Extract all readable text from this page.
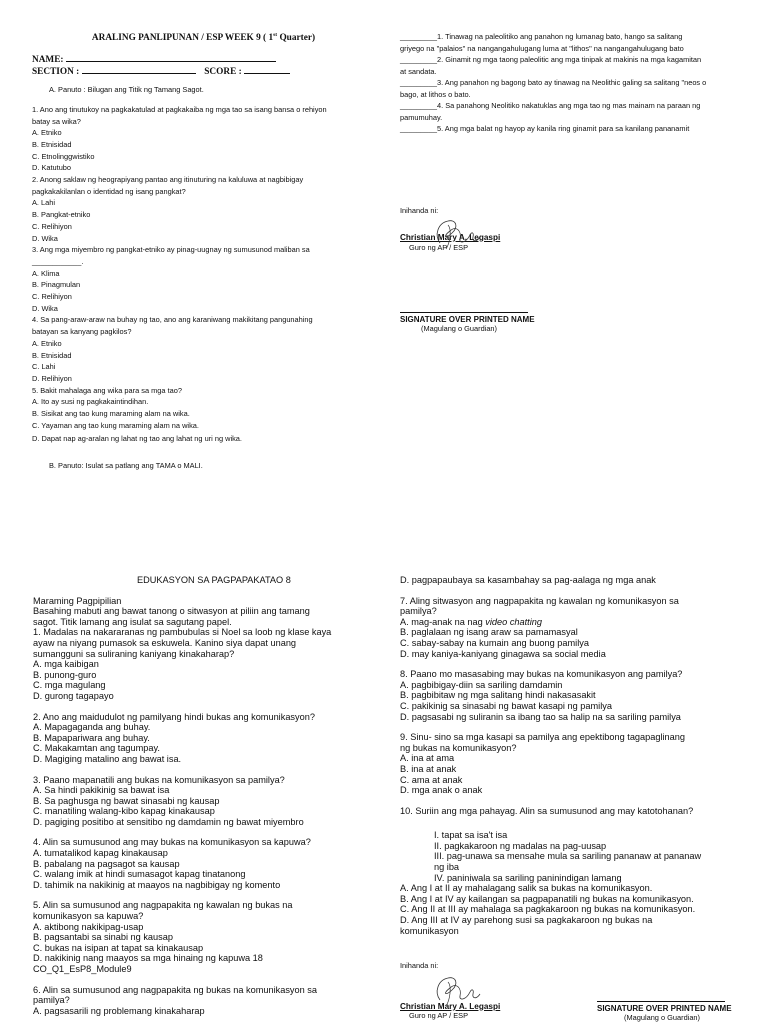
ARALING PANLIPUNAN / ESP WEEK 9 ( 1st Quarter)
NAME:
SECTION :	SCORE :
A. Panuto : Bilugan ang Titik ng Tamang Sagot.
1. Ano ang tinutukoy na pagkakatulad at pagkakaiba ng mga tao sa isang bansa o rehiyon
batay sa wika?
A. Etniko
B. Etnisidad
C. Etnolinggwistiko
D. Katutubo
2. Anong saklaw ng heograpiyang pantao ang itinuturing na kaluluwa at nagbibigay
pagkakakilanlan o identidad ng isang pangkat?
A. Lahi
B. Pangkat-etniko
C. Relihiyon
D. Wika
3. Ang mga miyembro ng pangkat-etniko ay pinag-uugnay ng sumusunod maliban sa
____________.
A. Klima
B. Pinagmulan
C. Relihiyon
D. Wika
4. Sa pang-araw-araw na buhay ng tao, ano ang karaniwang makikitang pangunahing
batayan sa kanyang pagkilos?
A. Etniko
B. Etnisidad
C. Lahi
D. Relihiyon
5. Bakit mahalaga ang wika para sa mga tao?
A. Ito ay susi ng pagkakaintindihan.
B. Sisikat ang tao kung maraming alam na wika.
C. Yayaman ang tao kung maraming alam na wika.
D. Dapat nap ag-aralan ng lahat ng tao ang lahat ng uri ng wika.
B. Panuto: Isulat sa patlang ang TAMA o MALI.
_________1. Tinawag na paleolitiko ang panahon ng lumanag bato, hango sa salitang
griyego na "palaios" na nangangahulugang luma at "lithos" na nangangahulugang bato
_________2. Ginamit ng mga taong paleolitic ang mga tinipak at makinis na mga kagamitan
at sandata.
_________3. Ang panahon ng bagong bato ay tinawag na Neolithic galing sa salitang "neos o
bago, at lithos o bato.
_________4. Sa panahong Neolitiko nakatuklas ang mga tao ng mas mainam na paraan ng
pamumuhay.
_________5. Ang mga balat ng hayop ay kanila ring ginamit para sa kanilang pananamit
Inihanda ni:
Christian Mary A. Legaspi
Guro ng AP / ESP
SIGNATURE OVER PRINTED NAME
(Magulang o Guardian)
EDUKASYON SA PAGPAPAKATAO 8
Maraming Pagpipilian
Basahing mabuti ang bawat tanong o sitwasyon at piliin ang tamang
sagot. Titik lamang ang isulat sa sagutang papel.
1. Madalas na nakararanas ng pambubulas si Noel sa loob ng klase kaya
ayaw na niyang pumasok sa eskuwela. Kanino siya dapat unang
sumangguni sa suliraning kaniyang kinakaharap?
A. mga kaibigan
B. punong-guro
C. mga magulang
D. gurong tagapayo
2. Ano ang maidudulot ng pamilyang hindi bukas ang komunikasyon?
A. Mapagaganda ang buhay.
B. Mapapariwara ang buhay.
C. Makakamtan ang tagumpay.
D. Magiging matalino ang bawat isa.
3. Paano mapanatili ang bukas na komunikasyon sa pamilya?
A. Sa hindi pakikinig sa bawat isa
B. Sa paghusga ng bawat sinasabi ng kausap
C. manatiling walang-kibo kapag kinakausap
D. pagiging positibo at sensitibo ng damdamin ng bawat miyembro
4. Alin sa sumusunod ang may bukas na komunikasyon sa kapuwa?
A. tumatalikod kapag kinakausap
B. pabalang na pagsagot sa kausap
C. walang imik at hindi sumasagot kapag tinatanong
D. tahimik na nakikinig at maayos na nagbibigay ng komento
5. Alin sa sumusunod ang nagpapakita ng kawalan ng bukas na
komunikasyon sa kapuwa?
A. aktibong nakikipag-usap
B. pagsantabi sa sinabi ng kausap
C. bukas na isipan at tapat sa kinakausap
D. nakikinig nang maayos sa mga hinaing ng kapuwa 18
CO_Q1_EsP8_Module9
6. Alin sa sumusunod ang nagpapakita ng bukas na komunikasyon sa
pamilya?
A. pagsasarili ng problemang kinakaharap
D. pagpapaubaya sa kasambahay sa pag-aalaga ng mga anak
7. Aling sitwasyon ang nagpapakita ng kawalan ng komunikasyon sa
pamilya?
A. mag-anak na nag video chatting
B. paglalaan ng isang araw sa pamamasyal
C. sabay-sabay na kumain ang buong pamilya
D. may kaniya-kaniyang ginagawa sa social media
8. Paano mo masasabing may bukas na komunikasyon ang pamilya?
A. pagbibigay-diin sa sariling damdamin
B. pagbibitaw ng mga salitang hindi nakasasakit
C. pakikinig sa sinasabi ng bawat kasapi ng pamilya
D. pagsasabi ng suliranin sa ibang tao sa halip na sa sariling pamilya
9. Sinu- sino sa mga kasapi sa pamilya ang epektibong tagapaglinang
ng bukas na komunikasyon?
A. ina at ama
B. ina at anak
C. ama at anak
D. mga anak o anak
10. Suriin ang mga pahayag. Alin sa sumusunod ang may katotohanan?
I. tapat sa isa't isa
II. pagkakaroon ng madalas na pag-uusap
III. pag-unawa sa mensahe mula sa sariling pananaw at pananaw
ng iba
IV. paniniwala sa sariling paninindigan lamang
A. Ang I at II ay mahalagang salik sa bukas na komunikasyon.
B. Ang I at IV ay kailangan sa pagpapanatili ng bukas na komunikasyon.
C. Ang II at III ay mahalaga sa pagkakaroon ng bukas na komunikasyon.
D. Ang III at IV ay parehong susi sa pagkakaroon ng bukas na
komunikasyon
Inihanda ni:
Christian Mary A. Legaspi
Guro ng AP / ESP
SIGNATURE OVER PRINTED NAME
(Magulang o Guardian)
